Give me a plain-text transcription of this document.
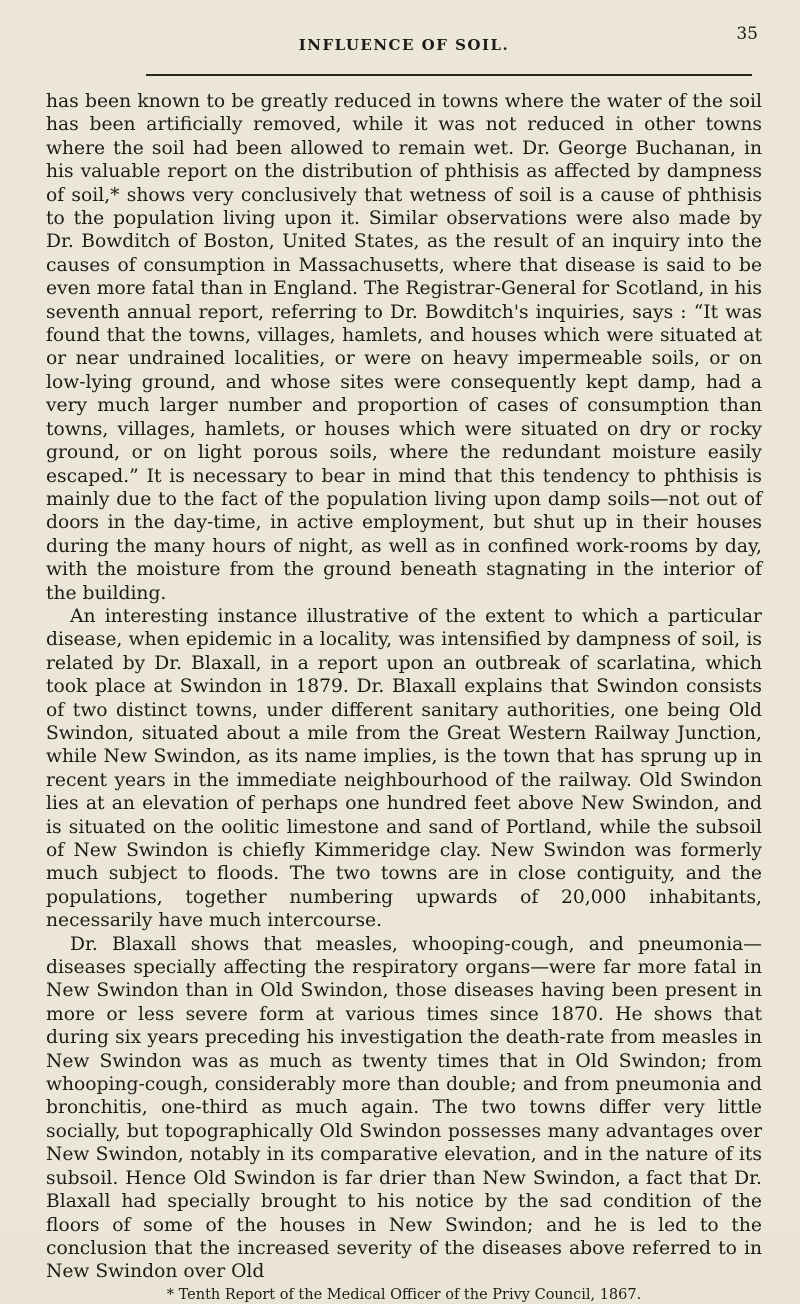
INFLUENCE OF SOIL.
35

has been known to be greatly reduced in towns where the water of the soil has been artificially removed, while it was not reduced in other towns where the soil had been allowed to remain wet. Dr. George Buchanan, in his valuable report on the distribution of phthisis as affected by dampness of soil,* shows very conclusively that wetness of soil is a cause of phthisis to the population living upon it. Similar observations were also made by Dr. Bowditch of Boston, United States, as the result of an inquiry into the causes of consumption in Massachusetts, where that disease is said to be even more fatal than in England. The Registrar-General for Scotland, in his seventh annual report, referring to Dr. Bowditch's inquiries, says : “It was found that the towns, villages, hamlets, and houses which were situated at or near undrained localities, or were on heavy impermeable soils, or on low-lying ground, and whose sites were consequently kept damp, had a very much larger number and proportion of cases of consumption than towns, villages, hamlets, or houses which were situated on dry or rocky ground, or on light porous soils, where the redundant moisture easily escaped.” It is necessary to bear in mind that this tendency to phthisis is mainly due to the fact of the population living upon damp soils—not out of doors in the day-time, in active employment, but shut up in their houses during the many hours of night, as well as in confined work-rooms by day, with the moisture from the ground beneath stagnating in the interior of the building.

An interesting instance illustrative of the extent to which a particular disease, when epidemic in a locality, was intensified by dampness of soil, is related by Dr. Blaxall, in a report upon an outbreak of scarlatina, which took place at Swindon in 1879. Dr. Blaxall explains that Swindon consists of two distinct towns, under different sanitary authorities, one being Old Swindon, situated about a mile from the Great Western Railway Junction, while New Swindon, as its name implies, is the town that has sprung up in recent years in the immediate neighbourhood of the railway. Old Swindon lies at an elevation of perhaps one hundred feet above New Swindon, and is situated on the oolitic limestone and sand of Portland, while the subsoil of New Swindon is chiefly Kimmeridge clay. New Swindon was formerly much subject to floods. The two towns are in close contiguity, and the populations, together numbering upwards of 20,000 inhabitants, necessarily have much intercourse.

Dr. Blaxall shows that measles, whooping-cough, and pneumonia—diseases specially affecting the respiratory organs—were far more fatal in New Swindon than in Old Swindon, those diseases having been present in more or less severe form at various times since 1870. He shows that during six years preceding his investigation the death-rate from measles in New Swindon was as much as twenty times that in Old Swindon; from whooping-cough, considerably more than double; and from pneumonia and bronchitis, one-third as much again. The two towns differ very little socially, but topographically Old Swindon possesses many advantages over New Swindon, notably in its comparative elevation, and in the nature of its subsoil. Hence Old Swindon is far drier than New Swindon, a fact that Dr. Blaxall had specially brought to his notice by the sad condition of the floors of some of the houses in New Swindon; and he is led to the conclusion that the increased severity of the diseases above referred to in New Swindon over Old

* Tenth Report of the Medical Officer of the Privy Council, 1867.
